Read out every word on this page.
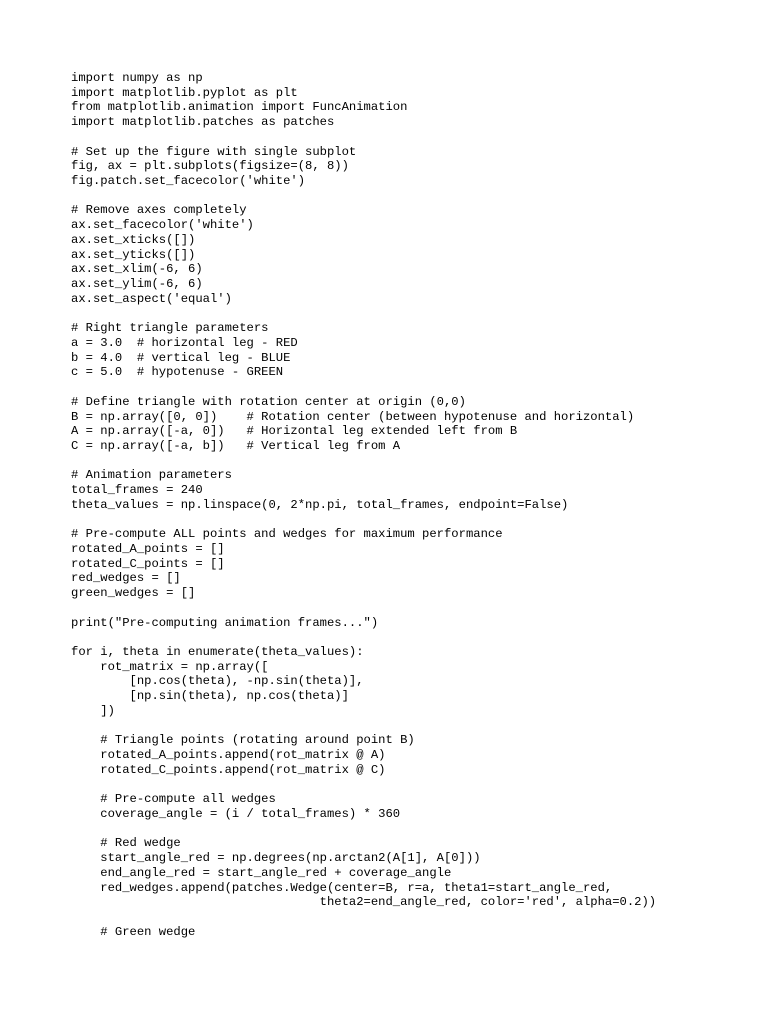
import numpy as np
import matplotlib.pyplot as plt
from matplotlib.animation import FuncAnimation
import matplotlib.patches as patches
# Set up the figure with single subplot
fig, ax = plt.subplots(figsize=(8, 8))
fig.patch.set_facecolor('white')
# Remove axes completely
ax.set_facecolor('white')
ax.set_xticks([])
ax.set_yticks([])
ax.set_xlim(-6, 6)
ax.set_ylim(-6, 6)
ax.set_aspect('equal')
# Right triangle parameters
a = 3.0  # horizontal leg - RED
b = 4.0  # vertical leg - BLUE
c = 5.0  # hypotenuse - GREEN
# Define triangle with rotation center at origin (0,0)
B = np.array([0, 0])    # Rotation center (between hypotenuse and horizontal)
A = np.array([-a, 0])   # Horizontal leg extended left from B
C = np.array([-a, b])   # Vertical leg from A
# Animation parameters
total_frames = 240
theta_values = np.linspace(0, 2*np.pi, total_frames, endpoint=False)
# Pre-compute ALL points and wedges for maximum performance
rotated_A_points = []
rotated_C_points = []
red_wedges = []
green_wedges = []
print("Pre-computing animation frames...")
for i, theta in enumerate(theta_values):
rot_matrix = np.array([
[np.cos(theta), -np.sin(theta)],
[np.sin(theta), np.cos(theta)]
])
# Triangle points (rotating around point B)
rotated_A_points.append(rot_matrix @ A)
rotated_C_points.append(rot_matrix @ C)
# Pre-compute all wedges
coverage_angle = (i / total_frames) * 360
# Red wedge
start_angle_red = np.degrees(np.arctan2(A[1], A[0]))
end_angle_red = start_angle_red + coverage_angle
red_wedges.append(patches.Wedge(center=B, r=a, theta1=start_angle_red,
theta2=end_angle_red, color='red', alpha=0.2))
# Green wedge
